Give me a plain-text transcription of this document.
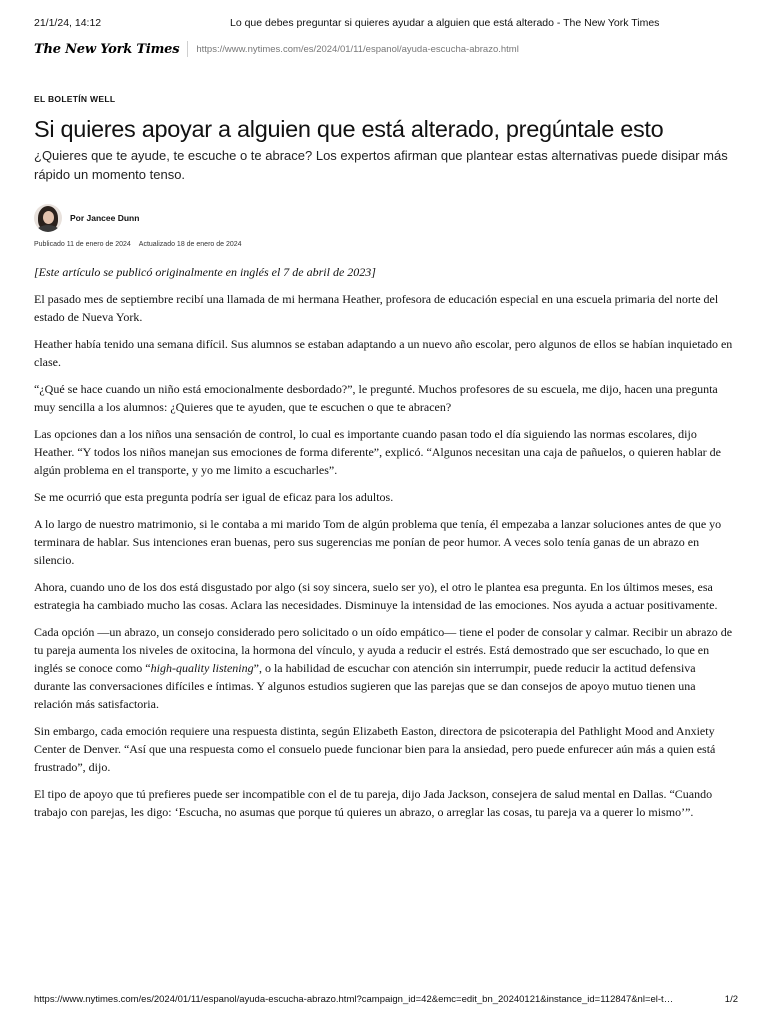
21/1/24, 14:12	Lo que debes preguntar si quieres ayudar a alguien que está alterado - The New York Times
The New York Times https://www.nytimes.com/es/2024/01/11/espanol/ayuda-escucha-abrazo.html

EL BOLETÍN WELL

Si quieres apoyar a alguien que está alterado, pregúntale esto

¿Quieres que te ayude, te escuche o te abrace? Los expertos afirman que plantear estas alternativas puede disipar más rápido un momento tenso.

Por Jancee Dunn
Publicado 11 de enero de 2024 Actualizado 18 de enero de 2024

[Este artículo se publicó originalmente en inglés el 7 de abril de 2023]

El pasado mes de septiembre recibí una llamada de mi hermana Heather, profesora de educación especial en una escuela primaria del norte del estado de Nueva York.

Heather había tenido una semana difícil. Sus alumnos se estaban adaptando a un nuevo año escolar, pero algunos de ellos se habían inquietado en clase.

“¿Qué se hace cuando un niño está emocionalmente desbordado?”, le pregunté. Muchos profesores de su escuela, me dijo, hacen una pregunta muy sencilla a los alumnos: ¿Quieres que te ayuden, que te escuchen o que te abracen?

Las opciones dan a los niños una sensación de control, lo cual es importante cuando pasan todo el día siguiendo las normas escolares, dijo Heather. “Y todos los niños manejan sus emociones de forma diferente”, explicó. “Algunos necesitan una caja de pañuelos, o quieren hablar de algún problema en el transporte, y yo me limito a escucharles”.

Se me ocurrió que esta pregunta podría ser igual de eficaz para los adultos.

A lo largo de nuestro matrimonio, si le contaba a mi marido Tom de algún problema que tenía, él empezaba a lanzar soluciones antes de que yo terminara de hablar. Sus intenciones eran buenas, pero sus sugerencias me ponían de peor humor. A veces solo tenía ganas de un abrazo en silencio.

Ahora, cuando uno de los dos está disgustado por algo (si soy sincera, suelo ser yo), el otro le plantea esa pregunta. En los últimos meses, esa estrategia ha cambiado mucho las cosas. Aclara las necesidades. Disminuye la intensidad de las emociones. Nos ayuda a actuar positivamente.

Cada opción —un abrazo, un consejo considerado pero solicitado o un oído empático— tiene el poder de consolar y calmar. Recibir un abrazo de tu pareja aumenta los niveles de oxitocina, la hormona del vínculo, y ayuda a reducir el estrés. Está demostrado que ser escuchado, lo que en inglés se conoce como “high-quality listening”, o la habilidad de escuchar con atención sin interrumpir, puede reducir la actitud defensiva durante las conversaciones difíciles e íntimas. Y algunos estudios sugieren que las parejas que se dan consejos de apoyo mutuo tienen una relación más satisfactoria.

Sin embargo, cada emoción requiere una respuesta distinta, según Elizabeth Easton, directora de psicoterapia del Pathlight Mood and Anxiety Center de Denver. “Así que una respuesta como el consuelo puede funcionar bien para la ansiedad, pero puede enfurecer aún más a quien está frustrado”, dijo.

El tipo de apoyo que tú prefieres puede ser incompatible con el de tu pareja, dijo Jada Jackson, consejera de salud mental en Dallas. “Cuando trabajo con parejas, les digo: ‘Escucha, no asumas que porque tú quieres un abrazo, o arreglar las cosas, tu pareja va a querer lo mismo’”.

https://www.nytimes.com/es/2024/01/11/espanol/ayuda-escucha-abrazo.html?campaign_id=42&emc=edit_bn_20240121&instance_id=112847&nl=el-t…	1/2
